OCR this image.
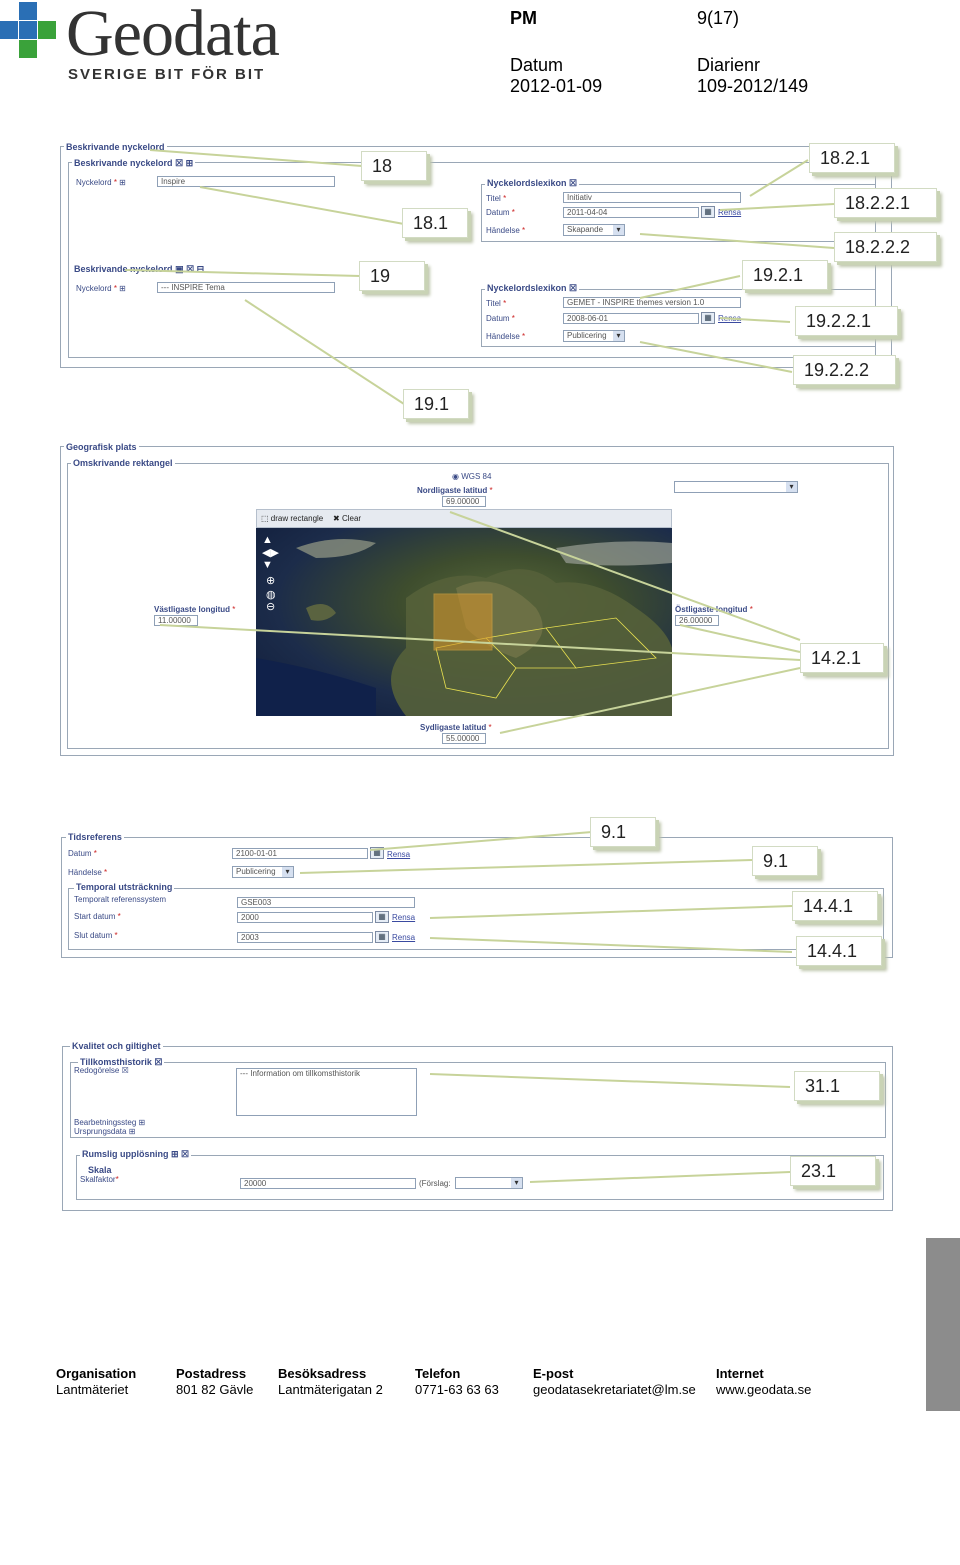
Geodata
SVERIGE BIT FÖR BIT
PM	9(17)
Datum
2012-01-09
Diarienr
109-2012/149
Beskrivande nyckelord
Beskrivande nyckelord ☒ ⊞
Nyckelord * ⊞	Inspire
Beskrivande nyckelord ▣ ☒ ⊟
Nyckelord * ⊞	--- INSPIRE Tema
Nyckelordslexikon ☒
Titel *	Initiativ
Datum *	2011-04-04	▦ Rensa
Händelse *	Skapande ▾
Nyckelordslexikon ☒
Titel *	GEMET - INSPIRE themes version 1.0
Datum *	2008-06-01	▦ Rensa
Händelse *	Publicering ▾
Geografisk plats
Omskrivande rektangel
◉ WGS 84
Nordligaste latitud *
69.00000
▾
⬚ draw rectangle ✖ Clear
▲
◀▶
▼
⊕
◍
⊖
Västligaste longitud *
11.00000
Östligaste longitud *
26.00000
Sydligaste latitud *
55.00000
Tidsreferens
Datum *	2100-01-01	▦ Rensa
Händelse *	Publicering ▾
Temporal utsträckning
Temporalt referenssystem	GSE003
Start datum *	2000	▦ Rensa
Slut datum *	2003	▦ Rensa
Kvalitet och giltighet
Tillkomsthistorik ☒
Redogörelse ☒	--- Information om tillkomsthistorik
Bearbetningssteg ⊞
Ursprungsdata ⊞
Rumslig upplösning ⊞ ☒
Skala
Skalfaktor*	20000	(Förslag:
▾
18
18.1
19
19.1
18.2.1
18.2.2.1
18.2.2.2
19.2.1
19.2.2.1
19.2.2.2
14.2.1
9.1
9.1
14.4.1
14.4.1
31.1
23.1
Organisation
Lantmäteriet
Postadress
801 82 Gävle
Besöksadress
Lantmäterigatan 2
Telefon
0771-63 63 63
E-post
geodatasekretariatet@lm.se
Internet
www.geodata.se
GEODATA.SE
